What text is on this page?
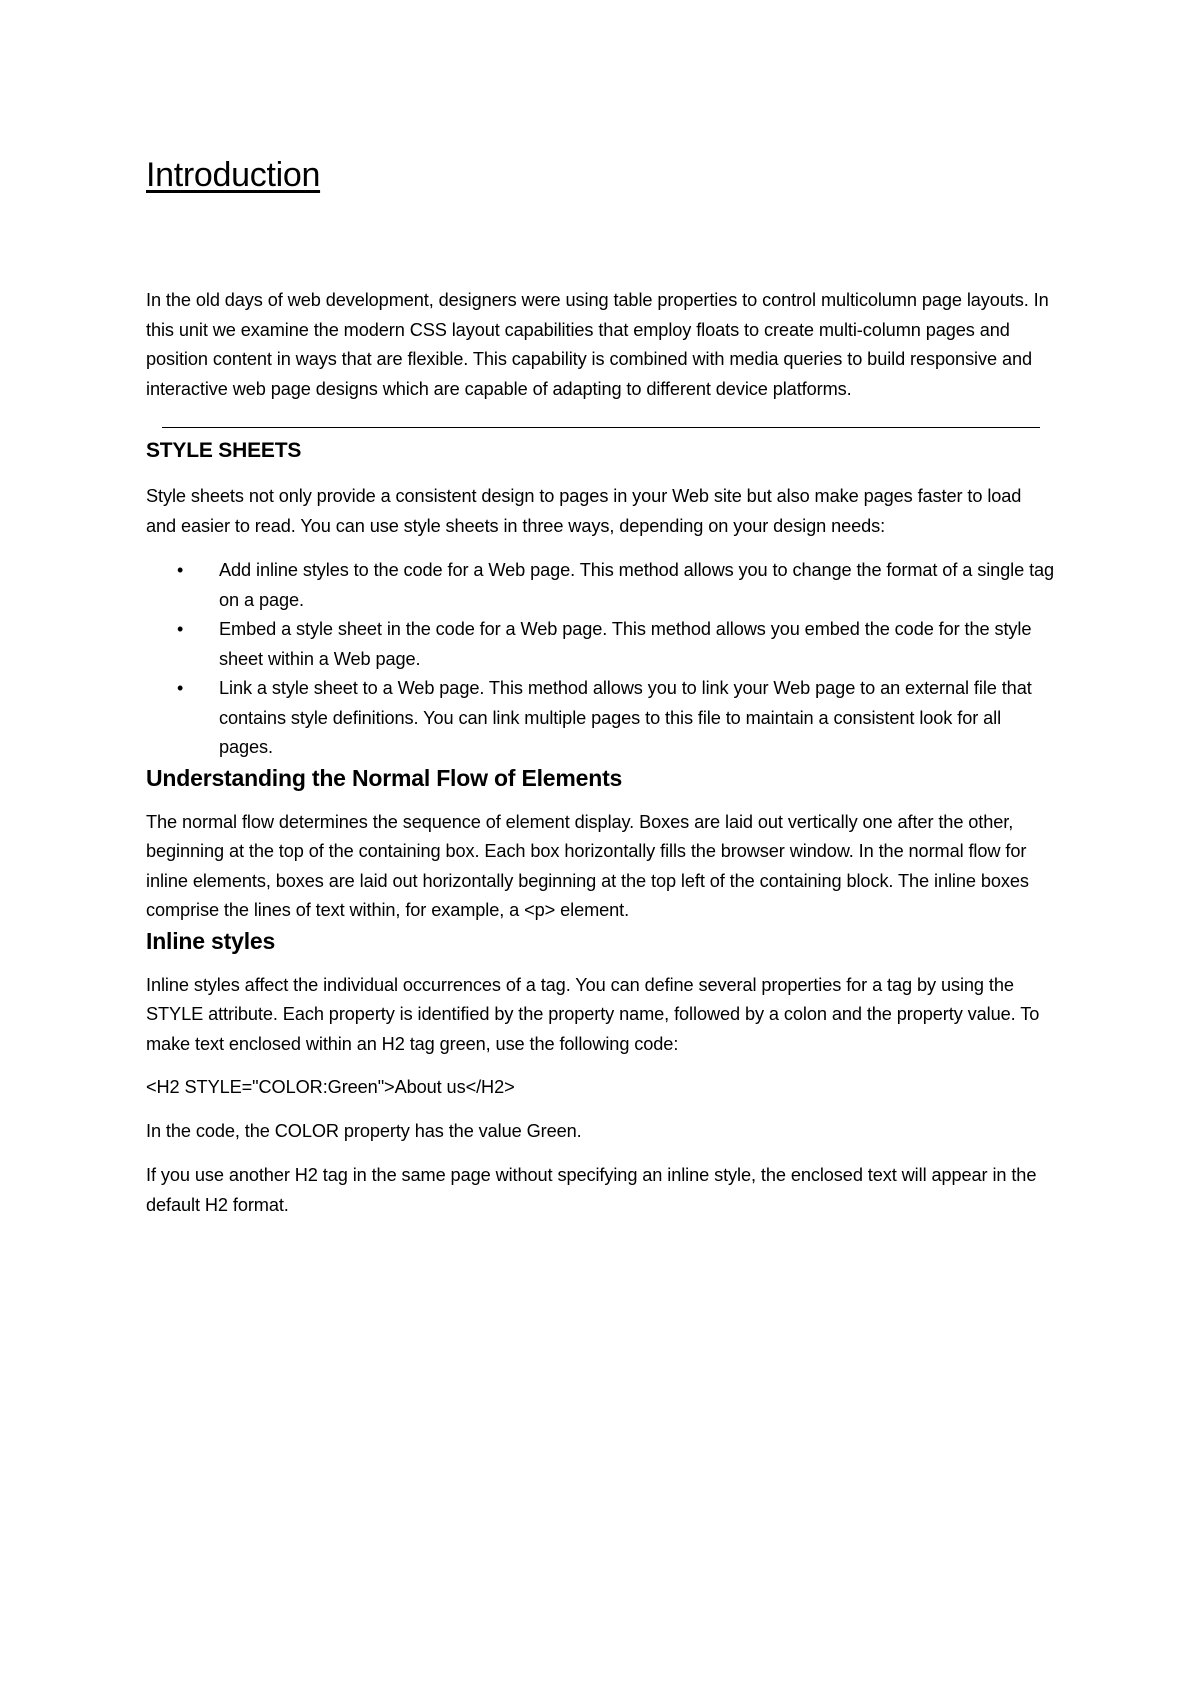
Introduction

In the old days of web development, designers were using table properties to control multicolumn page layouts. In this unit we examine the modern CSS layout capabilities that employ floats to create multi-column pages and position content in ways that are flexible. This capability is combined with media queries to build responsive and interactive web page designs which are capable of adapting to different device platforms.

STYLE SHEETS

Style sheets not only provide a consistent design to pages in your Web site but also make pages faster to load and easier to read. You can use style sheets in three ways, depending on your design needs:

• Add inline styles to the code for a Web page. This method allows you to change the format of a single tag on a page.
• Embed a style sheet in the code for a Web page. This method allows you embed the code for the style sheet within a Web page.
• Link a style sheet to a Web page. This method allows you to link your Web page to an external file that contains style definitions. You can link multiple pages to this file to maintain a consistent look for all pages.
Understanding the Normal Flow of Elements

The normal flow determines the sequence of element display. Boxes are laid out vertically one after the other, beginning at the top of the containing box. Each box horizontally fills the browser window. In the normal flow for inline elements, boxes are laid out horizontally beginning at the top left of the containing block. The inline boxes comprise the lines of text within, for example, a <p> element.

Inline styles

Inline styles affect the individual occurrences of a tag. You can define several properties for a tag by using the STYLE attribute. Each property is identified by the property name, followed by a colon and the property value. To make text enclosed within an H2 tag green, use the following code:

<H2 STYLE="COLOR:Green">About us</H2>

In the code, the COLOR property has the value Green.

If you use another H2 tag in the same page without specifying an inline style, the enclosed text will appear in the default H2 format.
